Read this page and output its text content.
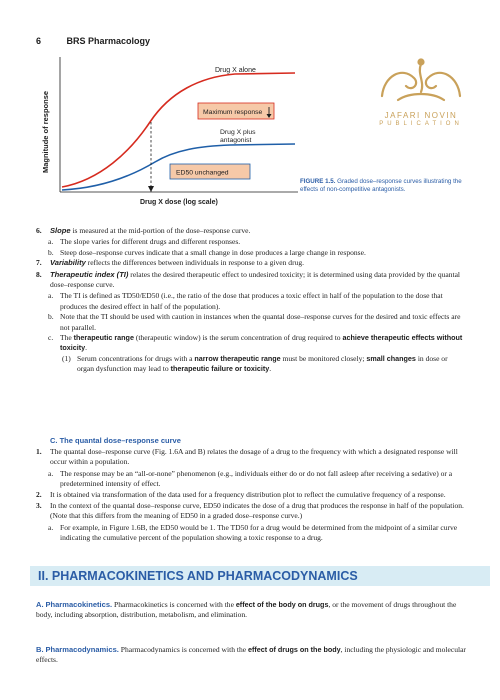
6	BRS Pharmacology
JAFARI NOVIN
PUBLICATION
Magnitude of response
Drug X alone
Maximum response
Drug X plus
antagonist
ED50 unchanged
Drug X dose (log scale)
FIGURE 1.5. Graded dose–response curves illustrating the effects of non-competitive antagonists.
6. Slope is measured at the mid-portion of the dose–response curve.
a. The slope varies for different drugs and different responses.
b. Steep dose–response curves indicate that a small change in dose produces a large change in response.
7. Variability reflects the differences between individuals in response to a given drug.
8. Therapeutic index (TI) relates the desired therapeutic effect to undesired toxicity; it is determined using data provided by the quantal dose–response curve.
a. The TI is defined as TD50/ED50 (i.e., the ratio of the dose that produces a toxic effect in half of the population to the dose that produces the desired effect in half of the population).
b. Note that the TI should be used with caution in instances when the quantal dose–response curves for the desired and toxic effects are not parallel.
c. The therapeutic range (therapeutic window) is the serum concentration of drug required to achieve therapeutic effects without toxicity.
(1) Serum concentrations for drugs with a narrow therapeutic range must be monitored closely; small changes in dose or organ dysfunction may lead to therapeutic failure or toxicity.
C. The quantal dose–response curve
1. The quantal dose–response curve (Fig. 1.6A and B) relates the dosage of a drug to the frequency with which a designated response will occur within a population.
a. The response may be an “all-or-none” phenomenon (e.g., individuals either do or do not fall asleep after receiving a sedative) or a predetermined intensity of effect.
2. It is obtained via transformation of the data used for a frequency distribution plot to reflect the cumulative frequency of a response.
3. In the context of the quantal dose–response curve, ED50 indicates the dose of a drug that produces the response in half of the population. (Note that this differs from the meaning of ED50 in a graded dose–response curve.)
a. For example, in Figure 1.6B, the ED50 would be 1. The TD50 for a drug would be determined from the midpoint of a similar curve indicating the cumulative percent of the population showing a toxic response to a drug.
II. PHARMACOKINETICS AND PHARMACODYNAMICS
A. Pharmacokinetics. Pharmacokinetics is concerned with the effect of the body on drugs, or the movement of drugs throughout the body, including absorption, distribution, metabolism, and elimination.
B. Pharmacodynamics. Pharmacodynamics is concerned with the effect of drugs on the body, including the physiologic and molecular effects.
